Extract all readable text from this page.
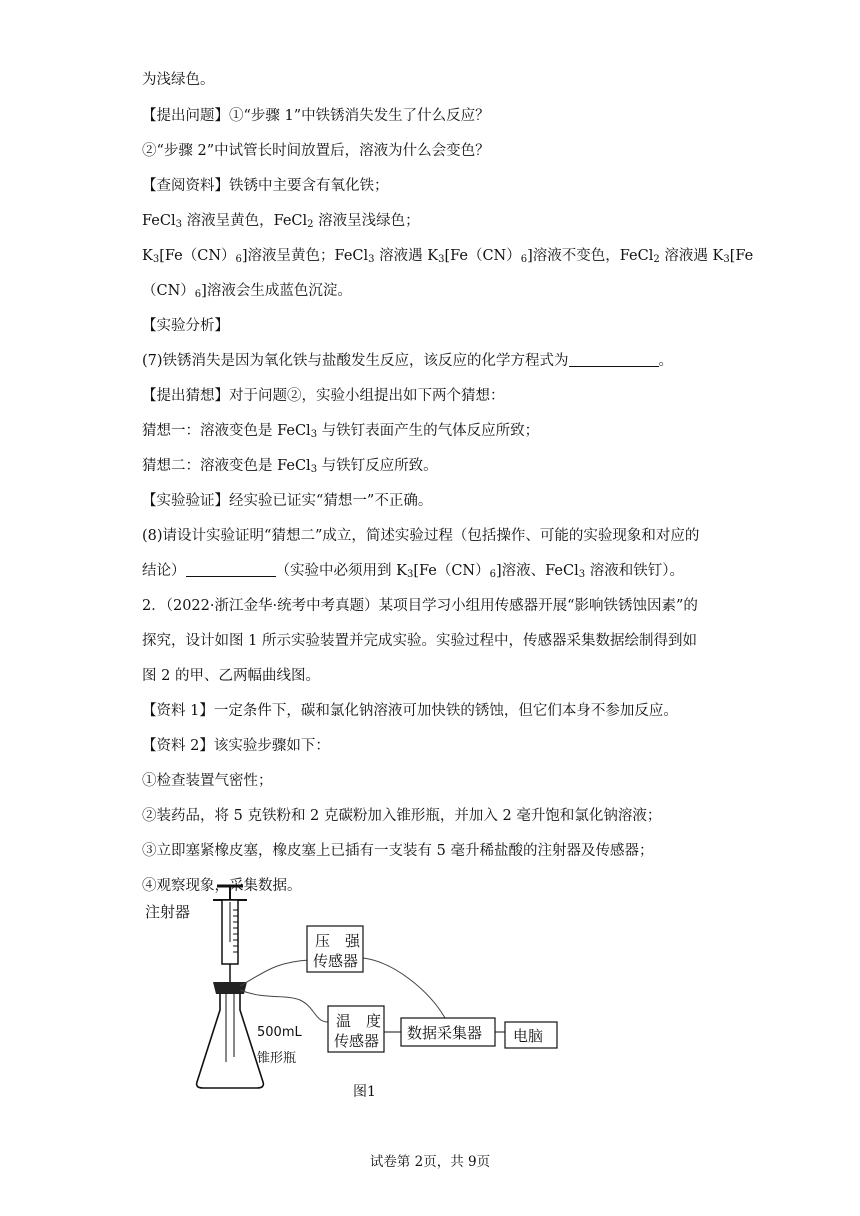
为浅绿色。
【提出问题】①“步骤 1”中铁锈消失发生了什么反应？
②“步骤 2”中试管长时间放置后，溶液为什么会变色？
【查阅资料】铁锈中主要含有氧化铁；
FeCl$_3$ 溶液呈黄色，FeCl$_2$ 溶液呈浅绿色；
$K_3[Fe(CN)_6]$溶液呈黄色；FeCl$_3$ 溶液遇 $K_3[Fe(CN)_6]$溶液不变色，FeCl$_2$ 溶液遇 $K_3[Fe$
$(CN)_6$]溶液会生成蓝色沉淀。
【实验分析】
(7)铁锈消失是因为氧化铁与盐酸发生反应，该反应的化学方程式为	。
【提出猜想】对于问题②，实验小组提出如下两个猜想：
猜想一：溶液变色是 FeCl$_3$ 与铁钉表面产生的气体反应所致；
猜想二：溶液变色是 FeCl$_3$ 与铁钉反应所致。
【实验验证】经实验已证实“猜想一”不正确。
(8)请设计实验证明“猜想二”成立，简述实验过程（包括操作、可能的实验现象和对应的
结论）	（实验中必须用到 $K_3[Fe(CN)_6]$溶液、FeCl$_3$ 溶液和铁钉）。
2．（2022·浙江金华·统考中考真题）某项目学习小组用传感器开展“影响铁锈蚀因素”的
探究，设计如图 1 所示实验装置并完成实验。实验过程中，传感器采集数据绘制得到如
图 2 的甲、乙两幅曲线图。
【资料 1】一定条件下，碳和氯化钠溶液可加快铁的锈蚀，但它们本身不参加反应。
【资料 2】该实验步骤如下：
①检查装置气密性；
②装药品，将 5 克铁粉和 2 克碳粉加入锥形瓶，并加入 2 毫升饱和氯化钠溶液；
③立即塞紧橡皮塞，橡皮塞上已插有一支装有 5 毫升稀盐酸的注射器及传感器；
④观察现象，采集数据。
注射器
500mL
锥形瓶
压　强
传感器
温　度
传感器 数据采集器 电脑
图1
试卷第 2页，共 9页
